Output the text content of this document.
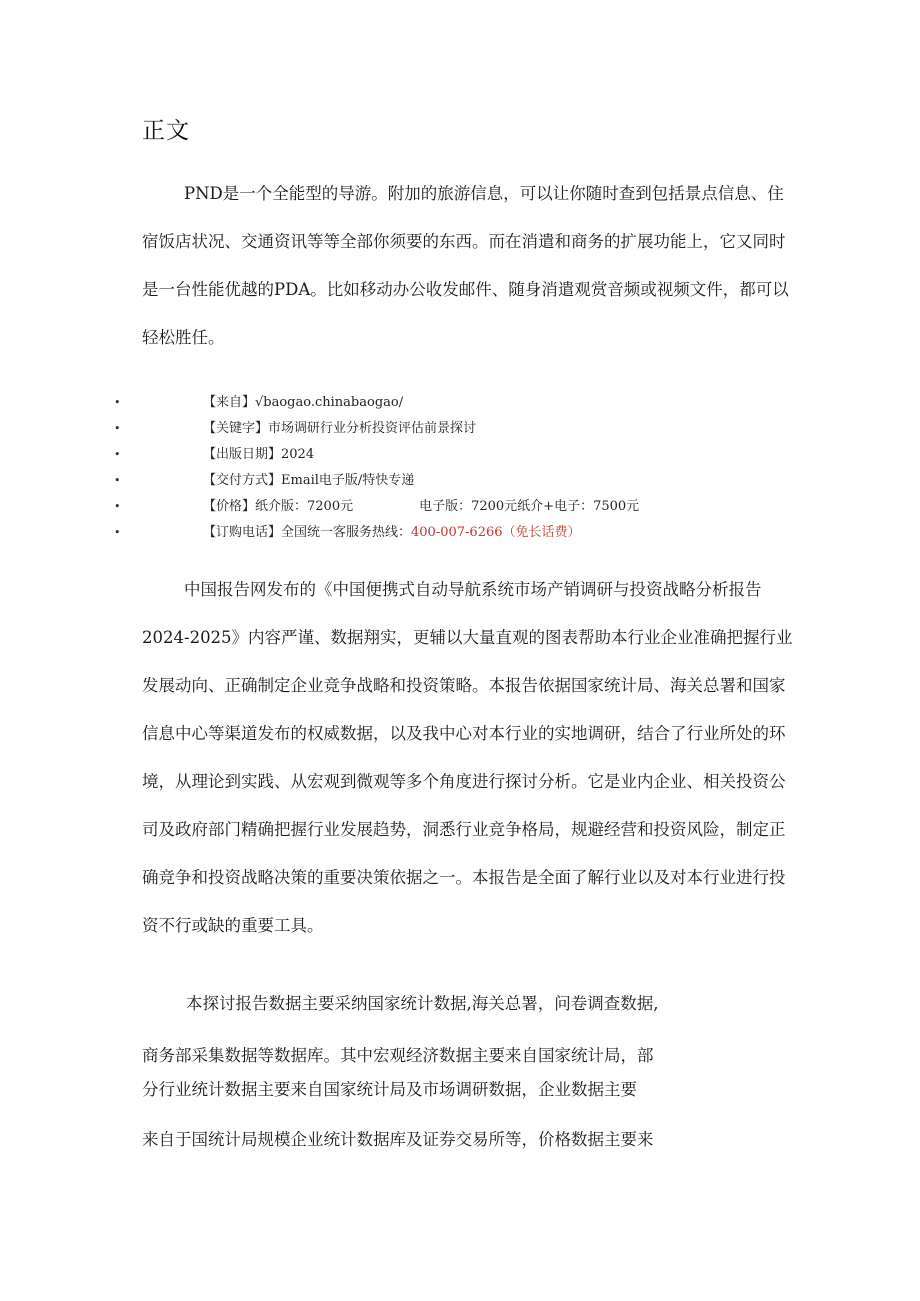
正文
PND是一个全能型的导游。附加的旅游信息，可以让你随时查到包括景点信息、住
宿饭店状况、交通资讯等等全部你须要的东西。而在消遣和商务的扩展功能上，它又同时
是一台性能优越的PDA。比如移动办公收发邮件、随身消遣观赏音频或视频文件，都可以
轻松胜任。
•	【来自】√baogao.chinabaogao/
•	【关键字】市场调研行业分析投资评估前景探讨
•	【出版日期】2024
•	【交付方式】Email电子版/特快专递
•	【价格】纸介版：7200元	电子版：7200元纸介+电子：7500元
•	【订购电话】全国统一客服务热线：400-007-6266（免长话费）
中国报告网发布的《中国便携式自动导航系统市场产销调研与投资战略分析报告
2024-2025》内容严谨、数据翔实，更辅以大量直观的图表帮助本行业企业准确把握行业
发展动向、正确制定企业竞争战略和投资策略。本报告依据国家统计局、海关总署和国家
信息中心等渠道发布的权威数据，以及我中心对本行业的实地调研，结合了行业所处的环
境，从理论到实践、从宏观到微观等多个角度进行探讨分析。它是业内企业、相关投资公
司及政府部门精确把握行业发展趋势，洞悉行业竞争格局，规避经营和投资风险，制定正
确竞争和投资战略决策的重要决策依据之一。本报告是全面了解行业以及对本行业进行投
资不行或缺的重要工具。
本探讨报告数据主要采纳国家统计数据,海关总署，问卷调查数据,
商务部采集数据等数据库。其中宏观经济数据主要来自国家统计局，部
分行业统计数据主要来自国家统计局及市场调研数据，企业数据主要
来自于国统计局规模企业统计数据库及证券交易所等，价格数据主要来
